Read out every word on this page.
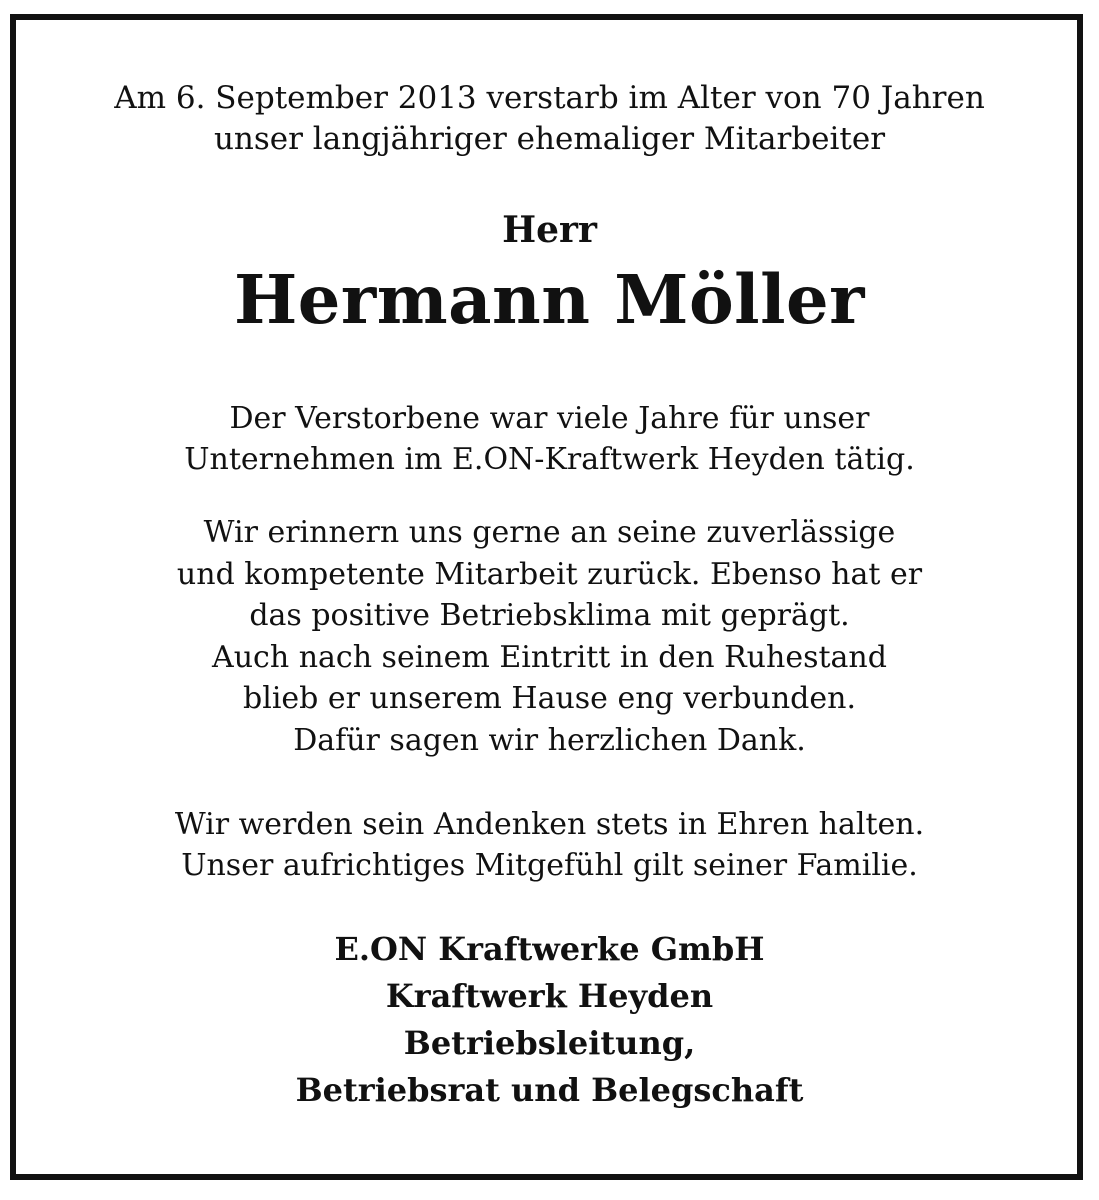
Am 6. September 2013 verstarb im Alter von 70 Jahren
unser langjähriger ehemaliger Mitarbeiter
Herr
Hermann Möller
Der Verstorbene war viele Jahre für unser
Unternehmen im E.ON-Kraftwerk Heyden tätig.
Wir erinnern uns gerne an seine zuverlässige
und kompetente Mitarbeit zurück. Ebenso hat er
das positive Betriebsklima mit geprägt.
Auch nach seinem Eintritt in den Ruhestand
blieb er unserem Hause eng verbunden.
Dafür sagen wir herzlichen Dank.
Wir werden sein Andenken stets in Ehren halten.
Unser aufrichtiges Mitgefühl gilt seiner Familie.
E.ON Kraftwerke GmbH
Kraftwerk Heyden
Betriebsleitung,
Betriebsrat und Belegschaft
